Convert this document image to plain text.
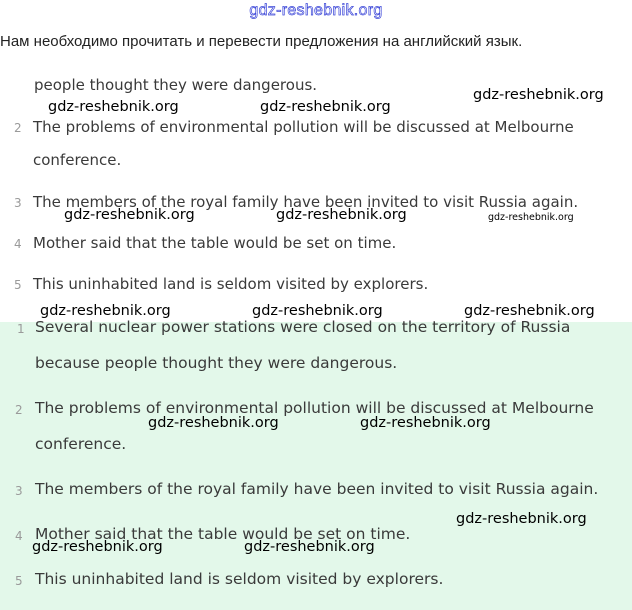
gdz-reshebnik.org
Нам необходимо прочитать и перевести предложения на английский язык.
people thought they were dangerous.
2 The problems of environmental pollution will be discussed at Melbourne
conference.
3 The members of the royal family have been invited to visit Russia again.
4 Mother said that the table would be set on time.
5 This uninhabited land is seldom visited by explorers.
1 Several nuclear power stations were closed on the territory of Russia
because people thought they were dangerous.
2 The problems of environmental pollution will be discussed at Melbourne
conference.
3 The members of the royal family have been invited to visit Russia again.
4 Mother said that the table would be set on time.
5 This uninhabited land is seldom visited by explorers.
gdz-reshebnik.org	gdz-reshebnik.org
gdz-reshebnik.org
gdz-reshebnik.org	gdz-reshebnik.org	gdz-reshebnik.org
gdz-reshebnik.org	gdz-reshebnik.org	gdz-reshebnik.org
gdz-reshebnik.org	gdz-reshebnik.org
gdz-reshebnik.org
gdz-reshebnik.org	gdz-reshebnik.org
